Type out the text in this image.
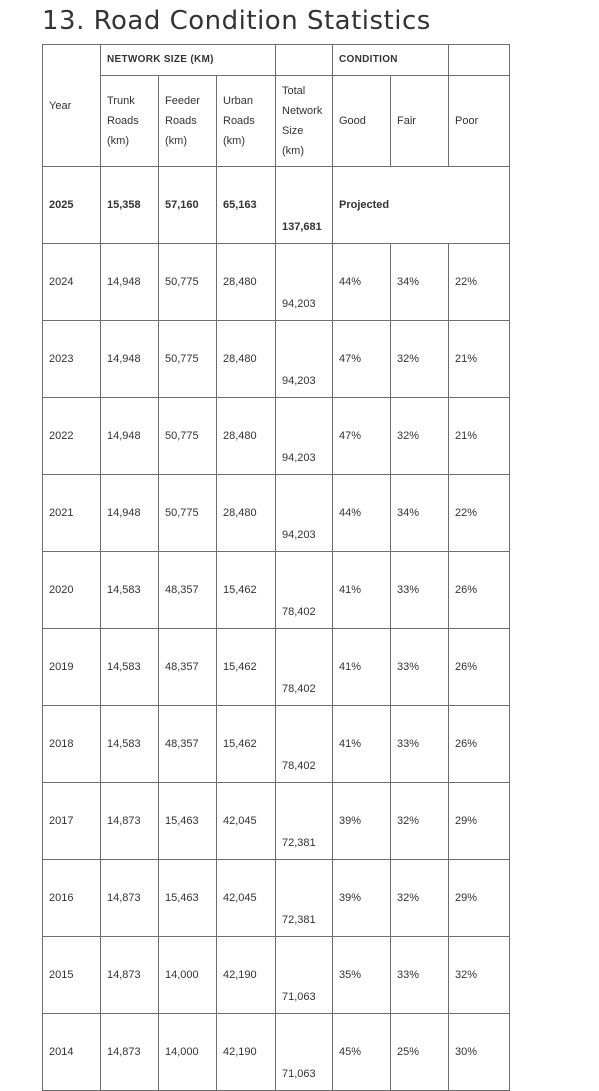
13. Road Condition Statistics
Year	NETWORK SIZE (KM)				CONDITION		
	Trunk Roads (km)	Feeder Roads (km)	Urban Roads (km)	Total Network Size (km)	Good	Fair	Poor
2025	15,358	57,160	65,163	137,681	Projected		
2024	14,948	50,775	28,480	94,203	44%	34%	22%
2023	14,948	50,775	28,480	94,203	47%	32%	21%
2022	14,948	50,775	28,480	94,203	47%	32%	21%
2021	14,948	50,775	28,480	94,203	44%	34%	22%
2020	14,583	48,357	15,462	78,402	41%	33%	26%
2019	14,583	48,357	15,462	78,402	41%	33%	26%
2018	14,583	48,357	15,462	78,402	41%	33%	26%
2017	14,873	15,463	42,045	72,381	39%	32%	29%
2016	14,873	15,463	42,045	72,381	39%	32%	29%
2015	14,873	14,000	42,190	71,063	35%	33%	32%
2014	14,873	14,000	42,190	71,063	45%	25%	30%
